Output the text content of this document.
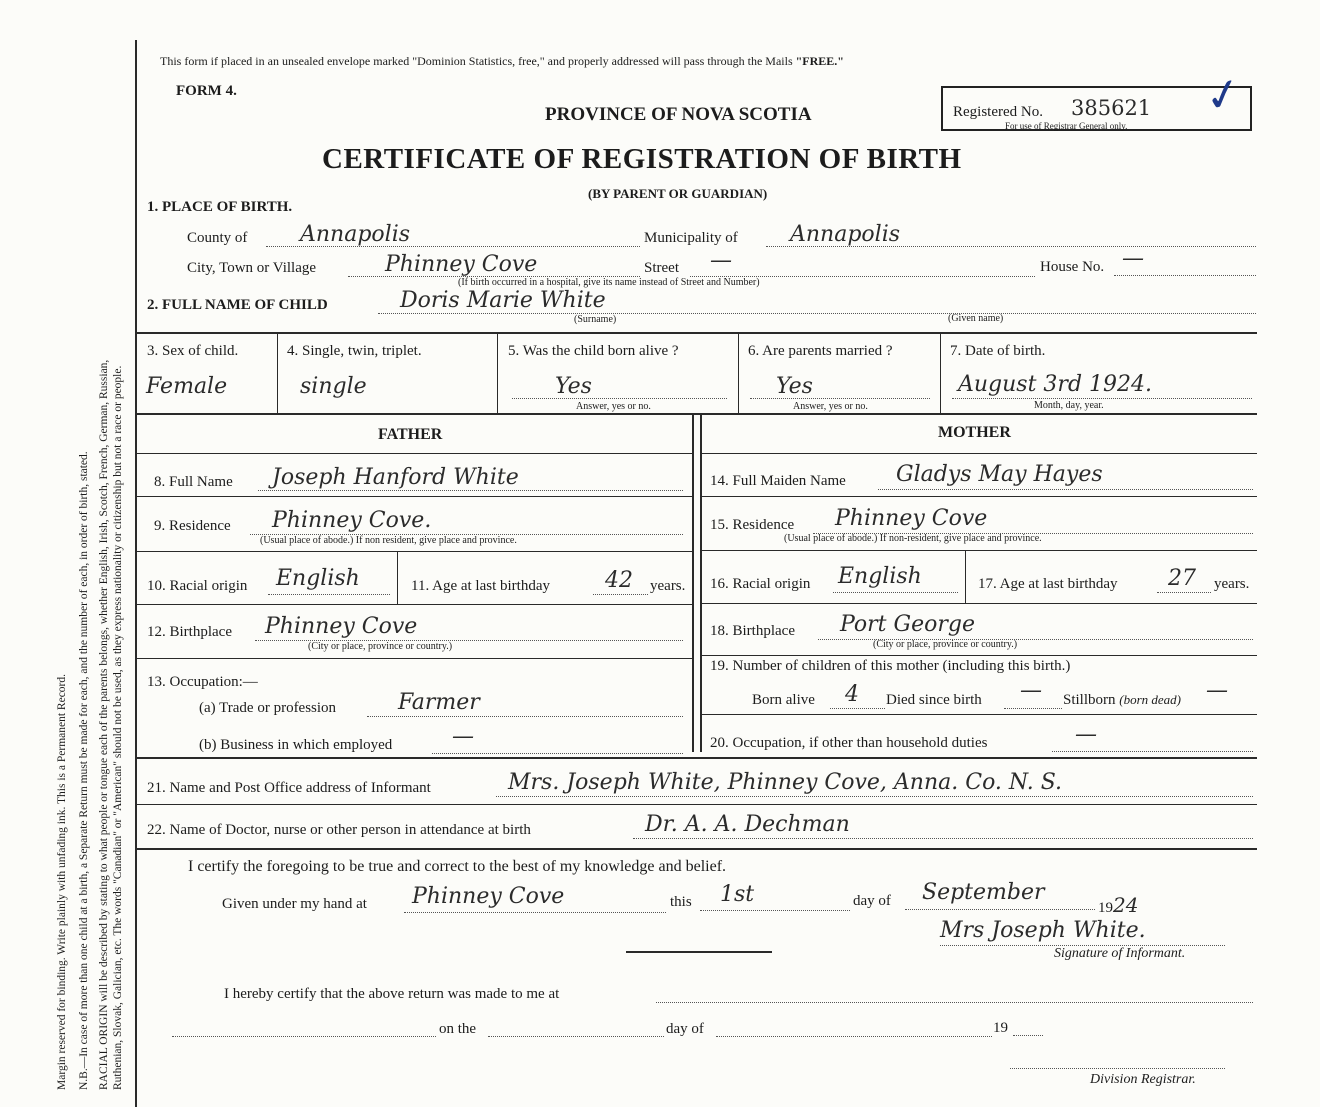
Margin reserved for binding. Write plainly with unfading ink. This is a Permanent Record. N.B.—In case of more than one child at a birth, a Separate Return must be made for each, and the number of each, in order of birth, stated. RACIAL ORIGIN will be described by stating to what people or tongue each of the parents belongs, whether English, Irish, Scotch, French, German, Russian, Ruthenian, Slovak, Galician, etc. The words "Canadian" or "American" should not be used, as they express nationality or citizenship but not a race or people.
This form if placed in an unsealed envelope marked "Dominion Statistics, free," and properly addressed will pass through the Mails "FREE."
FORM 4.
PROVINCE OF NOVA SCOTIA
CERTIFICATE OF REGISTRATION OF BIRTH
(BY PARENT OR GUARDIAN)
Registered No. 385621
For use of Registrar General only.
✓
1. PLACE OF BIRTH.
County of Annapolis	Municipality of Annapolis
City, Town or Village	Phinney Cove	Street —	House No. —
(If birth occurred in a hospital, give its name instead of Street and Number)
2. FULL NAME OF CHILD	Doris Marie White
(Surname)	(Given name)
3. Sex of child.
Female
4. Single, twin, triplet.
single
5. Was the child born alive ?
Yes
Answer, yes or no.
6. Are parents married ?
Yes
Answer, yes or no.
7. Date of birth.
August 3rd 1924.
Month, day, year.
FATHER	MOTHER
8. Full Name Joseph Hanford White
9. Residence Phinney Cove.
(Usual place of abode.) If non resident, give place and province.
10. Racial origin English	11. Age at last birthday	42 years.
12. Birthplace Phinney Cove
(City or place, province or country.)
13. Occupation:—
(a) Trade or profession	Farmer
(b) Business in which employed	—
14. Full Maiden Name Gladys May Hayes
15. Residence Phinney Cove
(Usual place of abode.) If non-resident, give place and province.
16. Racial origin English	17. Age at last birthday 27 years.
18. Birthplace Port George
(City or place, province or country.)
19. Number of children of this mother (including this birth.)
Born alive 4 Died since birth — Stillborn (born dead) —
20. Occupation, if other than household duties	—
21. Name and Post Office address of Informant	Mrs. Joseph White, Phinney Cove, Anna. Co. N. S.
22. Name of Doctor, nurse or other person in attendance at birth	Dr. A. A. Dechman
I certify the foregoing to be true and correct to the best of my knowledge and belief.
Given under my hand at Phinney Cove	this 1st	day of September
1924
Mrs Joseph White.
Signature of Informant.
I hereby certify that the above return was made to me at
on the	day of	19
Division Registrar.
